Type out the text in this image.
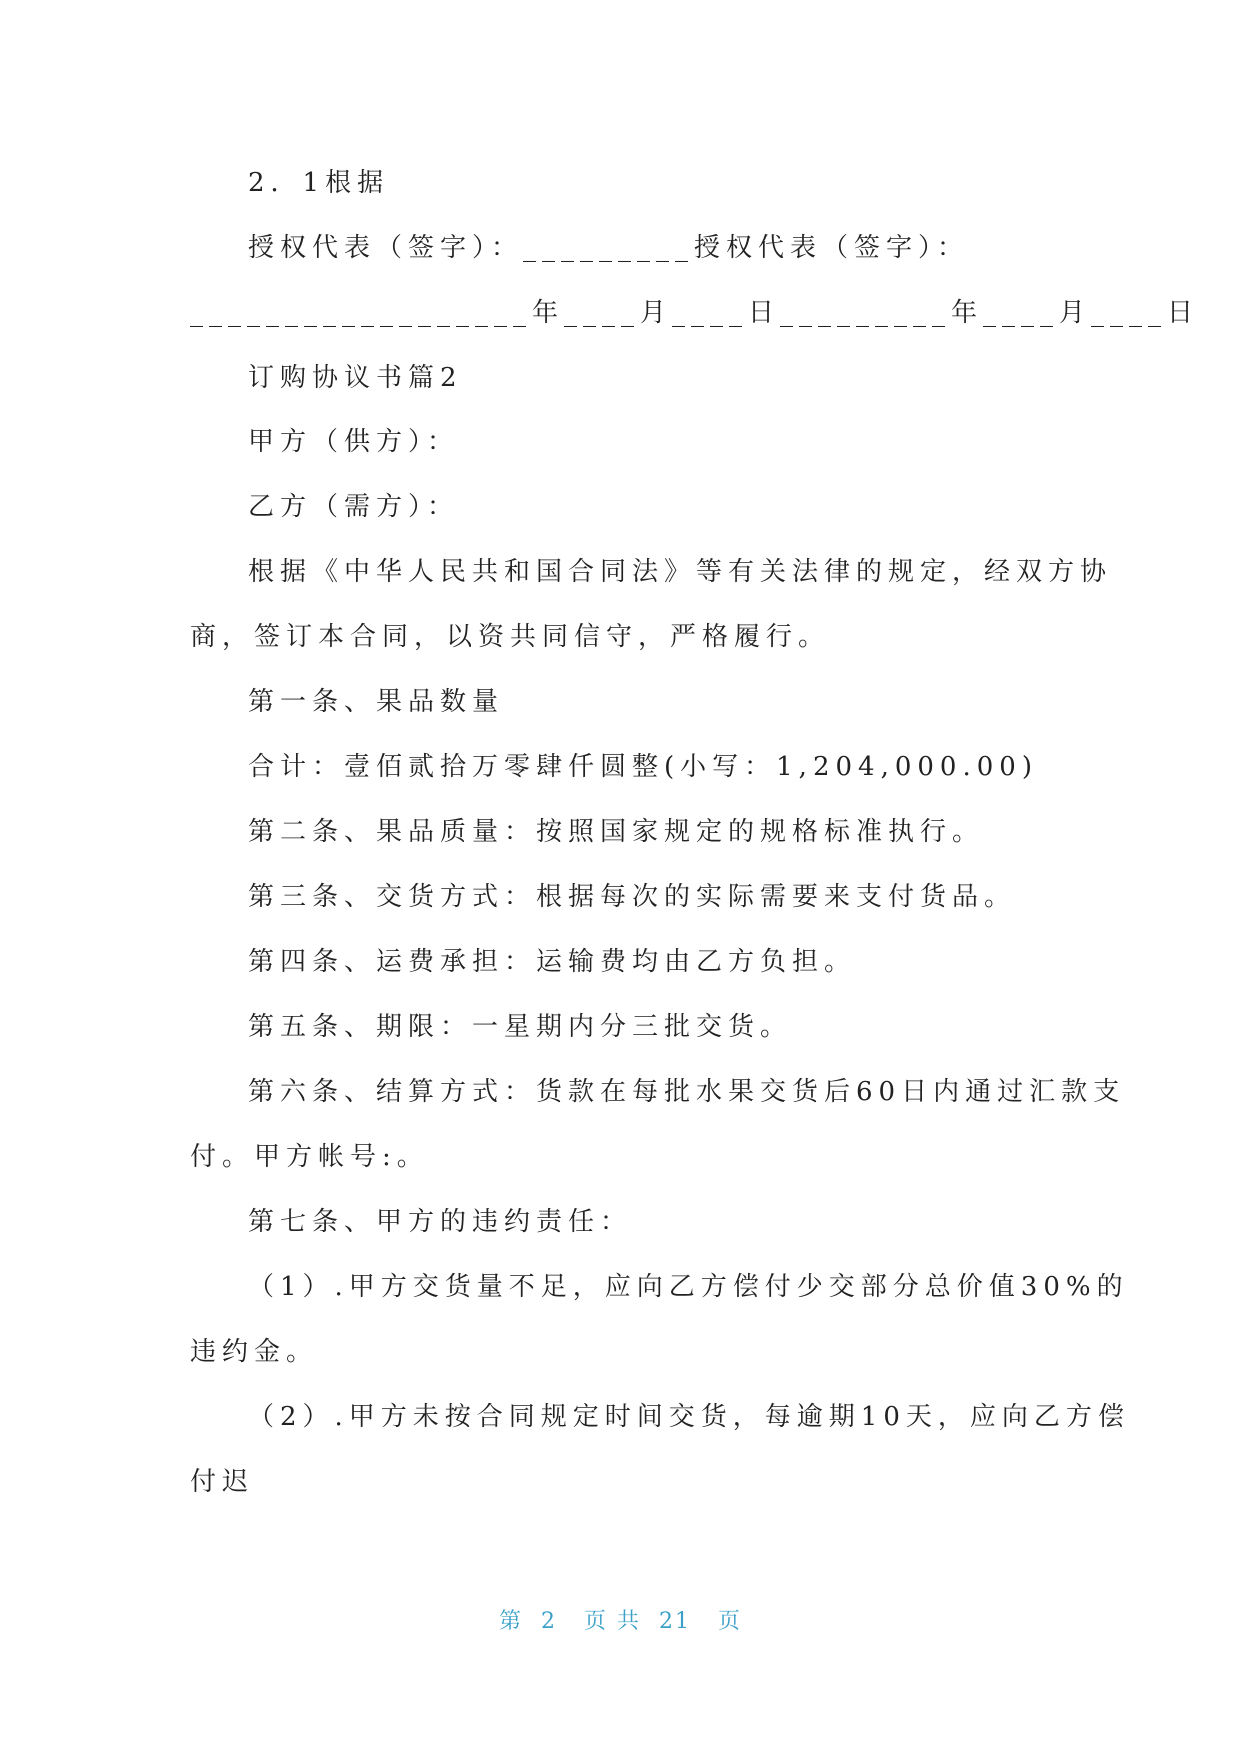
2．1根据
授权代表（签字）：_________授权代表（签字）：
__________________年____月____日_________年____月____日
订购协议书篇2
甲方（供方）：
乙方（需方）：
根据《中华人民共和国合同法》等有关法律的规定，经双方协
商，签订本合同，以资共同信守，严格履行。
第一条、果品数量
合计：壹佰贰拾万零肆仟圆整(小写：1,204,000.00)
第二条、果品质量：按照国家规定的规格标准执行。
第三条、交货方式：根据每次的实际需要来支付货品。
第四条、运费承担：运输费均由乙方负担。
第五条、期限：一星期内分三批交货。
第六条、结算方式：货款在每批水果交货后60日内通过汇款支
付。甲方帐号:。
第七条、甲方的违约责任：
（1）.甲方交货量不足，应向乙方偿付少交部分总价值30%的
违约金。
（2）.甲方未按合同规定时间交货，每逾期10天，应向乙方偿
付迟
第  2   页 共  21   页
